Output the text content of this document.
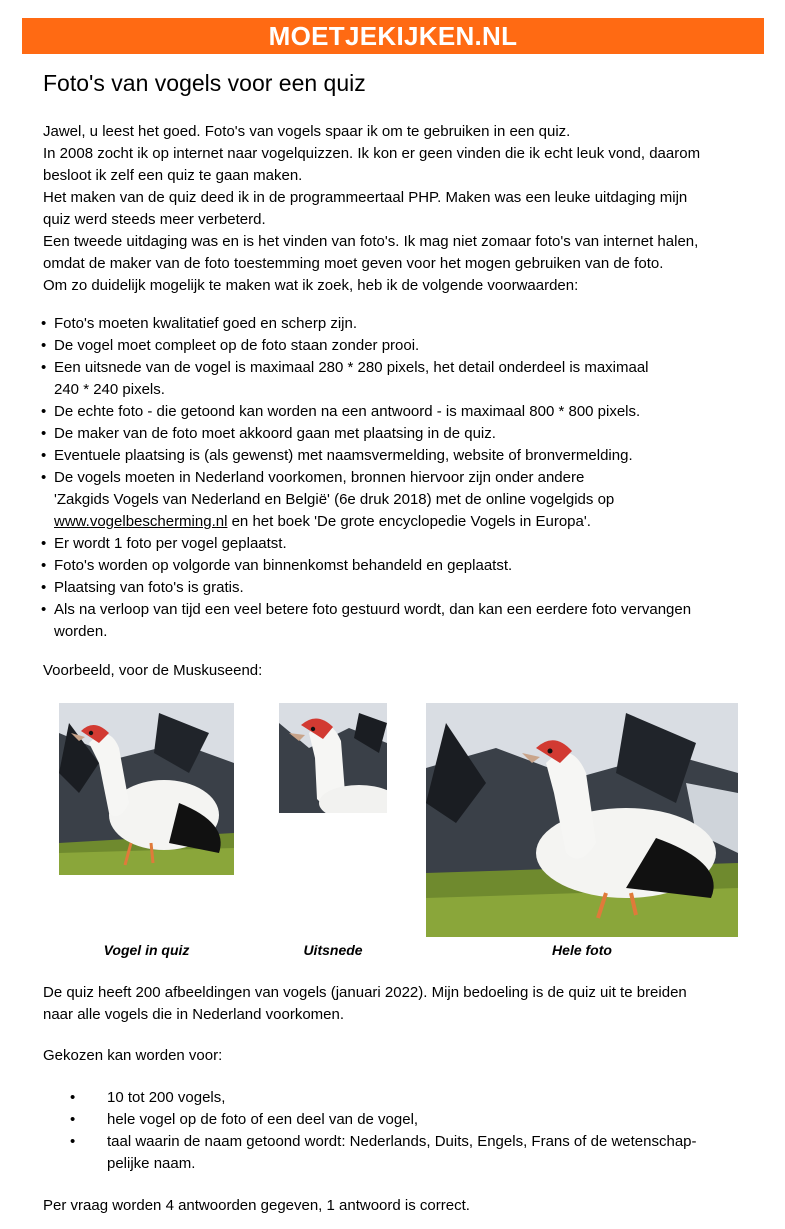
MOETJEKIJKEN.NL
Foto's van vogels voor een quiz
Jawel, u leest het goed. Foto's van vogels spaar ik om te gebruiken in een quiz.
In 2008 zocht ik op internet naar vogelquizzen. Ik kon er geen vinden die ik echt leuk vond, daarom
besloot ik zelf een quiz te gaan maken.
Het maken van de quiz deed ik in de programmeertaal PHP. Maken was een leuke uitdaging mijn
quiz werd steeds meer verbeterd.
Een tweede uitdaging was en is het vinden van foto's. Ik mag niet zomaar foto's van internet halen,
omdat de maker van de foto toestemming moet geven voor het mogen gebruiken van de foto.
Om zo duidelijk mogelijk te maken wat ik zoek, heb ik de volgende voorwaarden:
• Foto's moeten kwalitatief goed en scherp zijn.
• De vogel moet compleet op de foto staan zonder prooi.
• Een uitsnede van de vogel is maximaal 280 * 280 pixels, het detail onderdeel is maximaal
240 * 240 pixels.
• De echte foto - die getoond kan worden na een antwoord - is maximaal 800 * 800 pixels.
• De maker van de foto moet akkoord gaan met plaatsing in de quiz.
• Eventuele plaatsing is (als gewenst) met naamsvermelding, website of bronvermelding.
• De vogels moeten in Nederland voorkomen, bronnen hiervoor zijn onder andere
'Zakgids Vogels van Nederland en België' (6e druk 2018) met de online vogelgids op
www.vogelbescherming.nl en het boek 'De grote encyclopedie Vogels in Europa'.
• Er wordt 1 foto per vogel geplaatst.
• Foto's worden op volgorde van binnenkomst behandeld en geplaatst.
• Plaatsing van foto's is gratis.
• Als na verloop van tijd een veel betere foto gestuurd wordt, dan kan een eerdere foto vervangen
worden.
Voorbeeld, voor de Muskuseend:
Vogel in quiz	Uitsnede	Hele foto
De quiz heeft 200 afbeeldingen van vogels (januari 2022). Mijn bedoeling is de quiz uit te breiden
naar alle vogels die in Nederland voorkomen.
Gekozen kan worden voor:
• 10 tot 200 vogels,
• hele vogel op de foto of een deel van de vogel,
• taal waarin de naam getoond wordt: Nederlands, Duits, Engels, Frans of de wetenschap-
pelijke naam.
Per vraag worden 4 antwoorden gegeven, 1 antwoord is correct.
